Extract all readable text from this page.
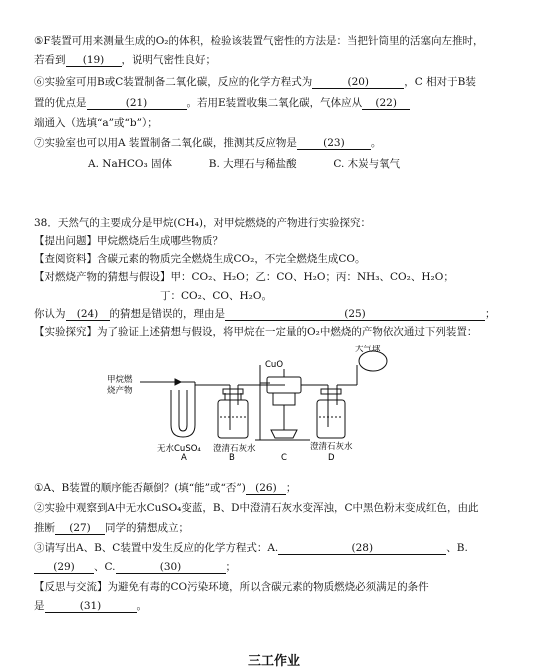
⑤F装置可用来测量生成的O₂的体积，检验该装置气密性的方法是：当把针筒里的活塞向左推时，
若看到 (19) ，说明气密性良好；
⑥实验室可用B或C装置制备二氧化碳，反应的化学方程式为	(20)	，C 相对于B装
置的优点是	(21)	。若用E装置收集二氧化碳，气体应从 (22)
端通入（选填“a”或“b”）；
⑦实验室也可以用A 装置制备二氧化碳，推测其反应物是 (23) 。
A. NaHCO₃ 固体	B. 大理石与稀盐酸	C. 木炭与氧气
38．天然气的主要成分是甲烷(CH₄)，对甲烷燃烧的产物进行实验探究：
【提出问题】甲烷燃烧后生成哪些物质？
【查阅资料】含碳元素的物质完全燃烧生成CO₂，不完全燃烧生成CO。
【对燃烧产物的猜想与假设】甲：CO₂、H₂O；乙：CO、H₂O；丙：NH₃、CO₂、H₂O；
丁：CO₂、CO、H₂O。
你认为 (24) 的猜想是错误的，理由是	(25)	；
【实验探究】为了验证上述猜想与假设，将甲烷在一定量的O₂中燃烧的产物依次通过下列装置：
甲烷燃
烧产物
CuO
大气球
无水CuSO₄ 澄清石灰水	澄清石灰水
A	B	C	D
①A、B装置的顺序能否颠倒？(填“能”或“否”) (26) ；
②实验中观察到A中无水CuSO₄变蓝，B、D中澄清石灰水变浑浊，C中黑色粉末变成红色，由此
推断 (27) 同学的猜想成立；
③请写出A、B、C装置中发生反应的化学方程式：A.	(28)	、B.
(29) 、C.	(30)	；
【反思与交流】为避免有毒的CO污染环境，所以含碳元素的物质燃烧必须满足的条件
是	(31)	。
三工作业
